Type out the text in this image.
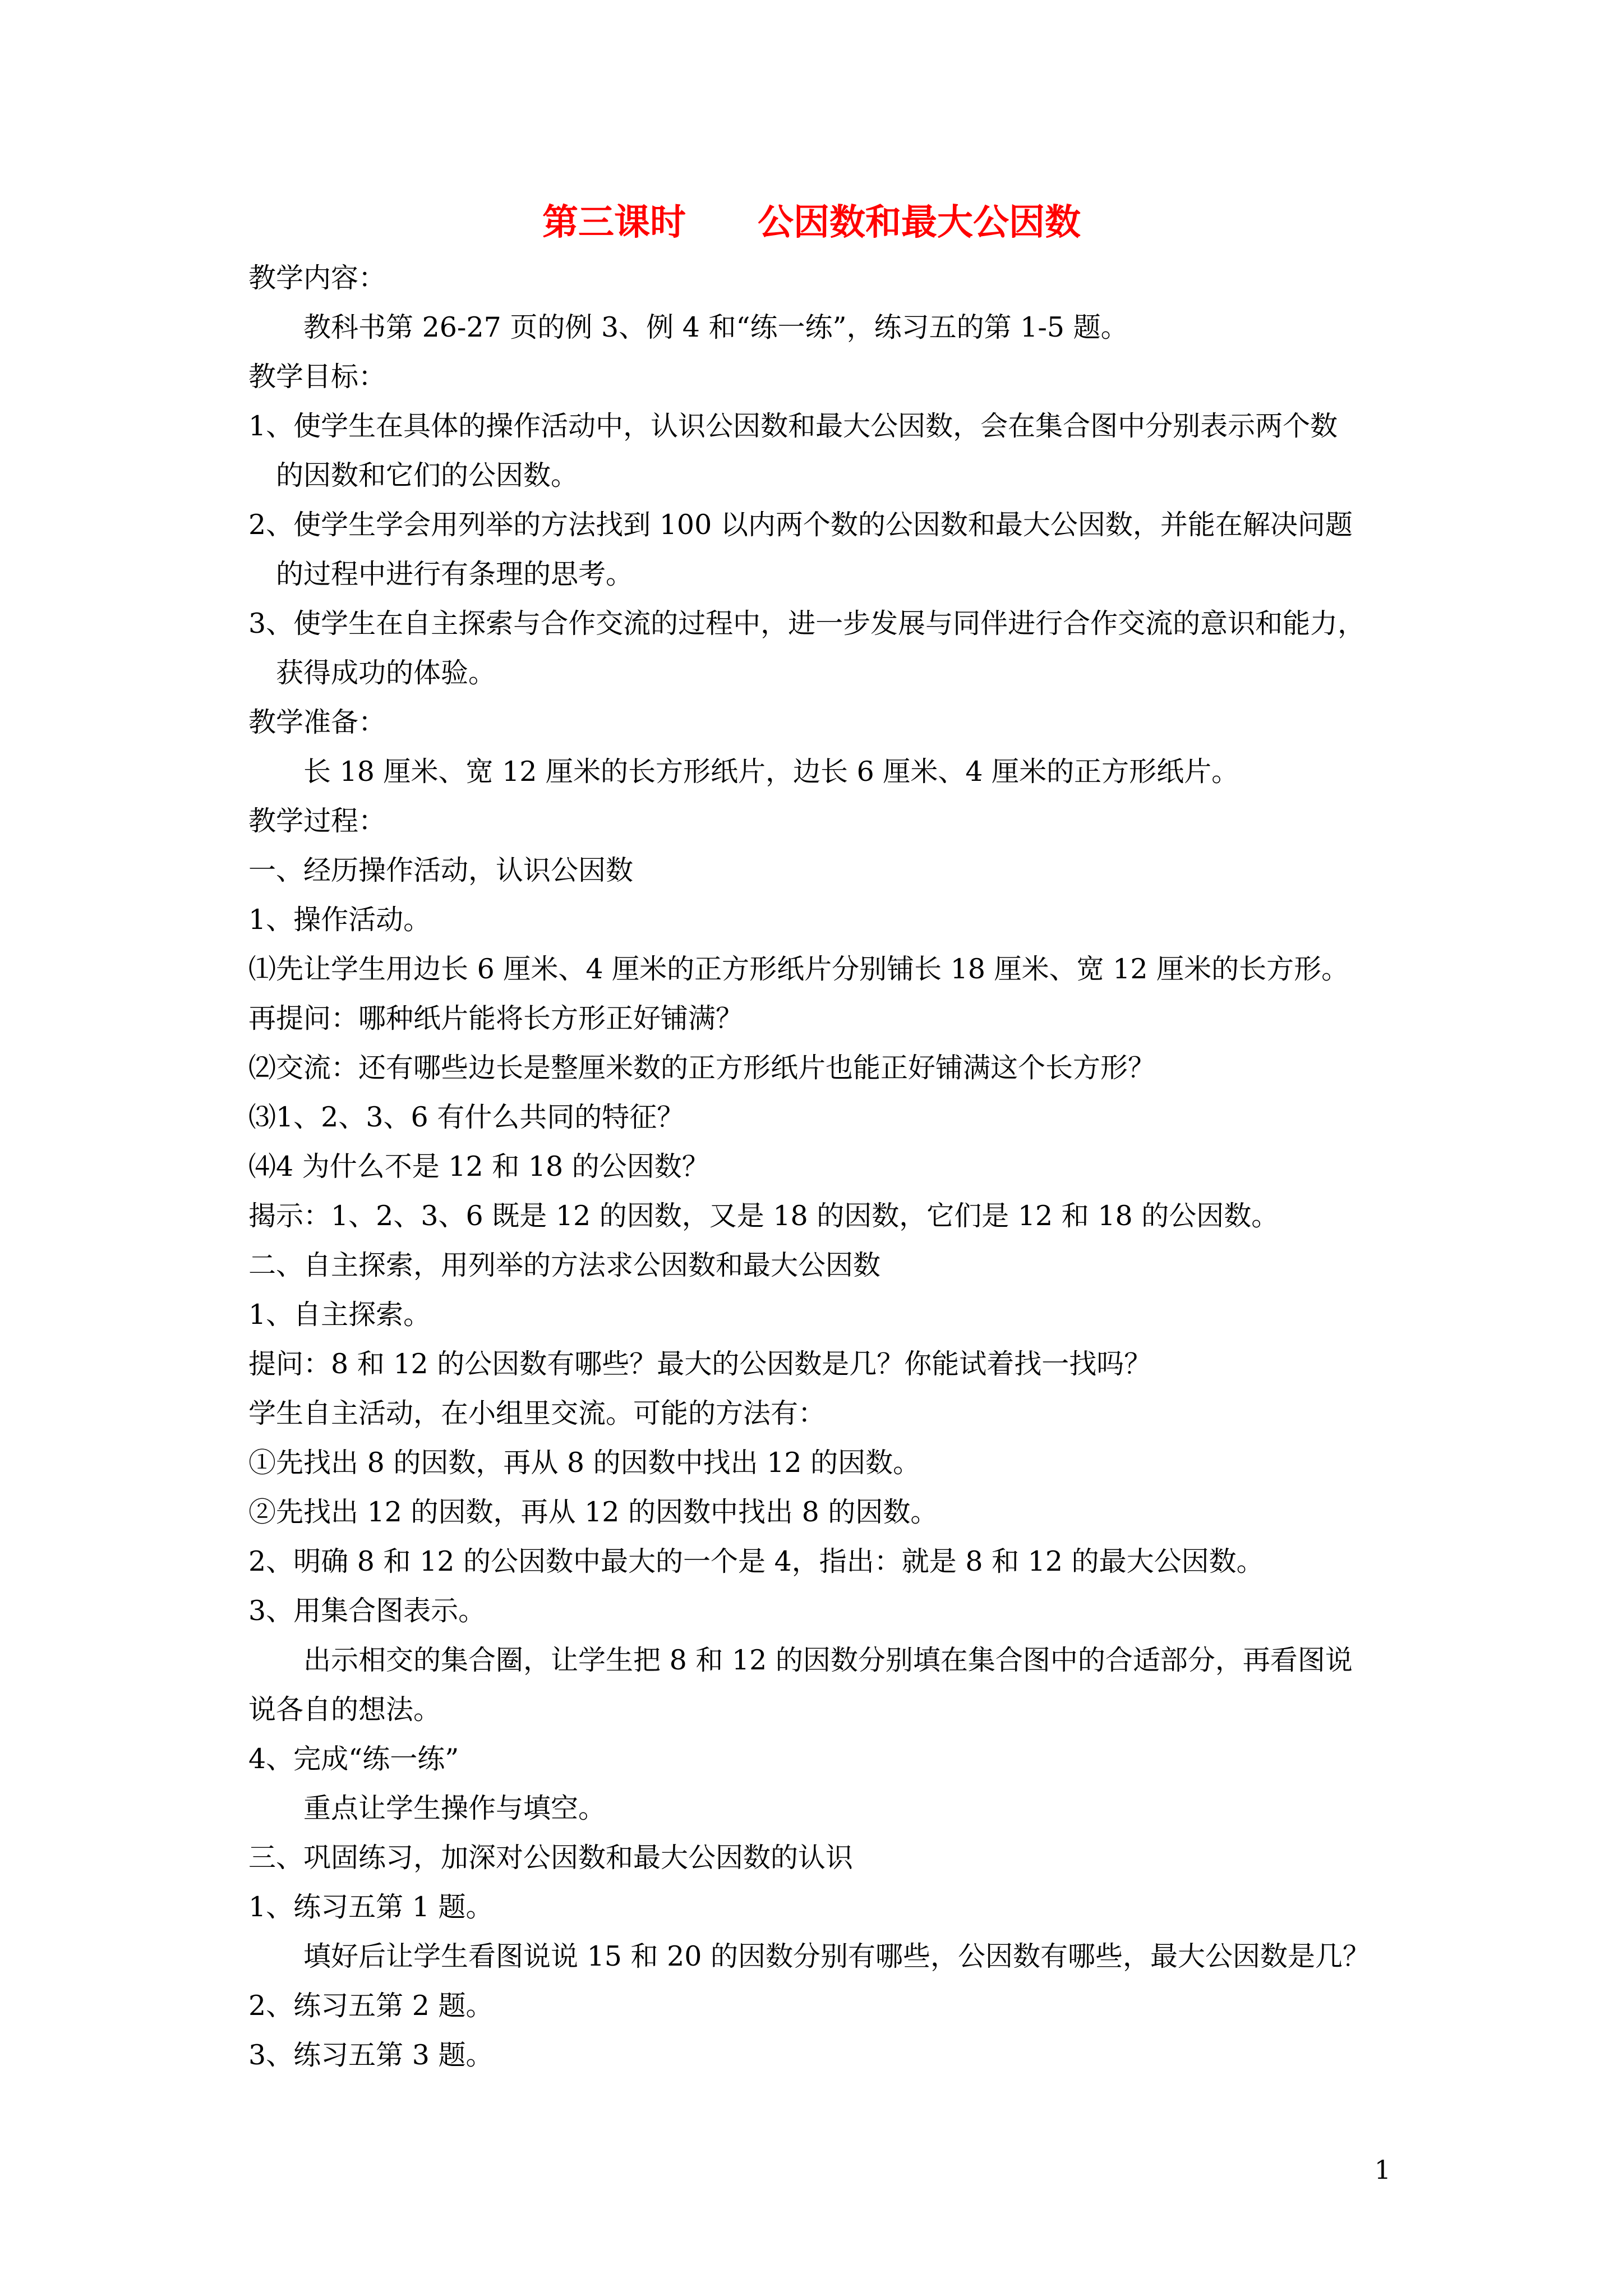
第三课时　　公因数和最大公因数
教学内容：
教科书第 26-27 页的例 3、例 4 和“练一练”，练习五的第 1-5 题。
教学目标：
1、使学生在具体的操作活动中，认识公因数和最大公因数，会在集合图中分别表示两个数
的因数和它们的公因数。
2、使学生学会用列举的方法找到 100 以内两个数的公因数和最大公因数，并能在解决问题
的过程中进行有条理的思考。
3、使学生在自主探索与合作交流的过程中，进一步发展与同伴进行合作交流的意识和能力，
获得成功的体验。
教学准备：
长 18 厘米、宽 12 厘米的长方形纸片，边长 6 厘米、4 厘米的正方形纸片。
教学过程：
一、经历操作活动，认识公因数
1、操作活动。
⑴先让学生用边长 6 厘米、4 厘米的正方形纸片分别铺长 18 厘米、宽 12 厘米的长方形。
再提问：哪种纸片能将长方形正好铺满？
⑵交流：还有哪些边长是整厘米数的正方形纸片也能正好铺满这个长方形？
⑶1、2、3、6 有什么共同的特征？
⑷4 为什么不是 12 和 18 的公因数？
揭示：1、2、3、6 既是 12 的因数，又是 18 的因数，它们是 12 和 18 的公因数。
二、自主探索，用列举的方法求公因数和最大公因数
1、自主探索。
提问：8 和 12 的公因数有哪些？最大的公因数是几？你能试着找一找吗？
学生自主活动，在小组里交流。可能的方法有：
①先找出 8 的因数，再从 8 的因数中找出 12 的因数。
②先找出 12 的因数，再从 12 的因数中找出 8 的因数。
2、明确 8 和 12 的公因数中最大的一个是 4，指出：就是 8 和 12 的最大公因数。
3、用集合图表示。
出示相交的集合圈，让学生把 8 和 12 的因数分别填在集合图中的合适部分，再看图说
说各自的想法。
4、完成“练一练”
重点让学生操作与填空。
三、巩固练习，加深对公因数和最大公因数的认识
1、练习五第 1 题。
填好后让学生看图说说 15 和 20 的因数分别有哪些，公因数有哪些，最大公因数是几？
2、练习五第 2 题。
3、练习五第 3 题。
1
